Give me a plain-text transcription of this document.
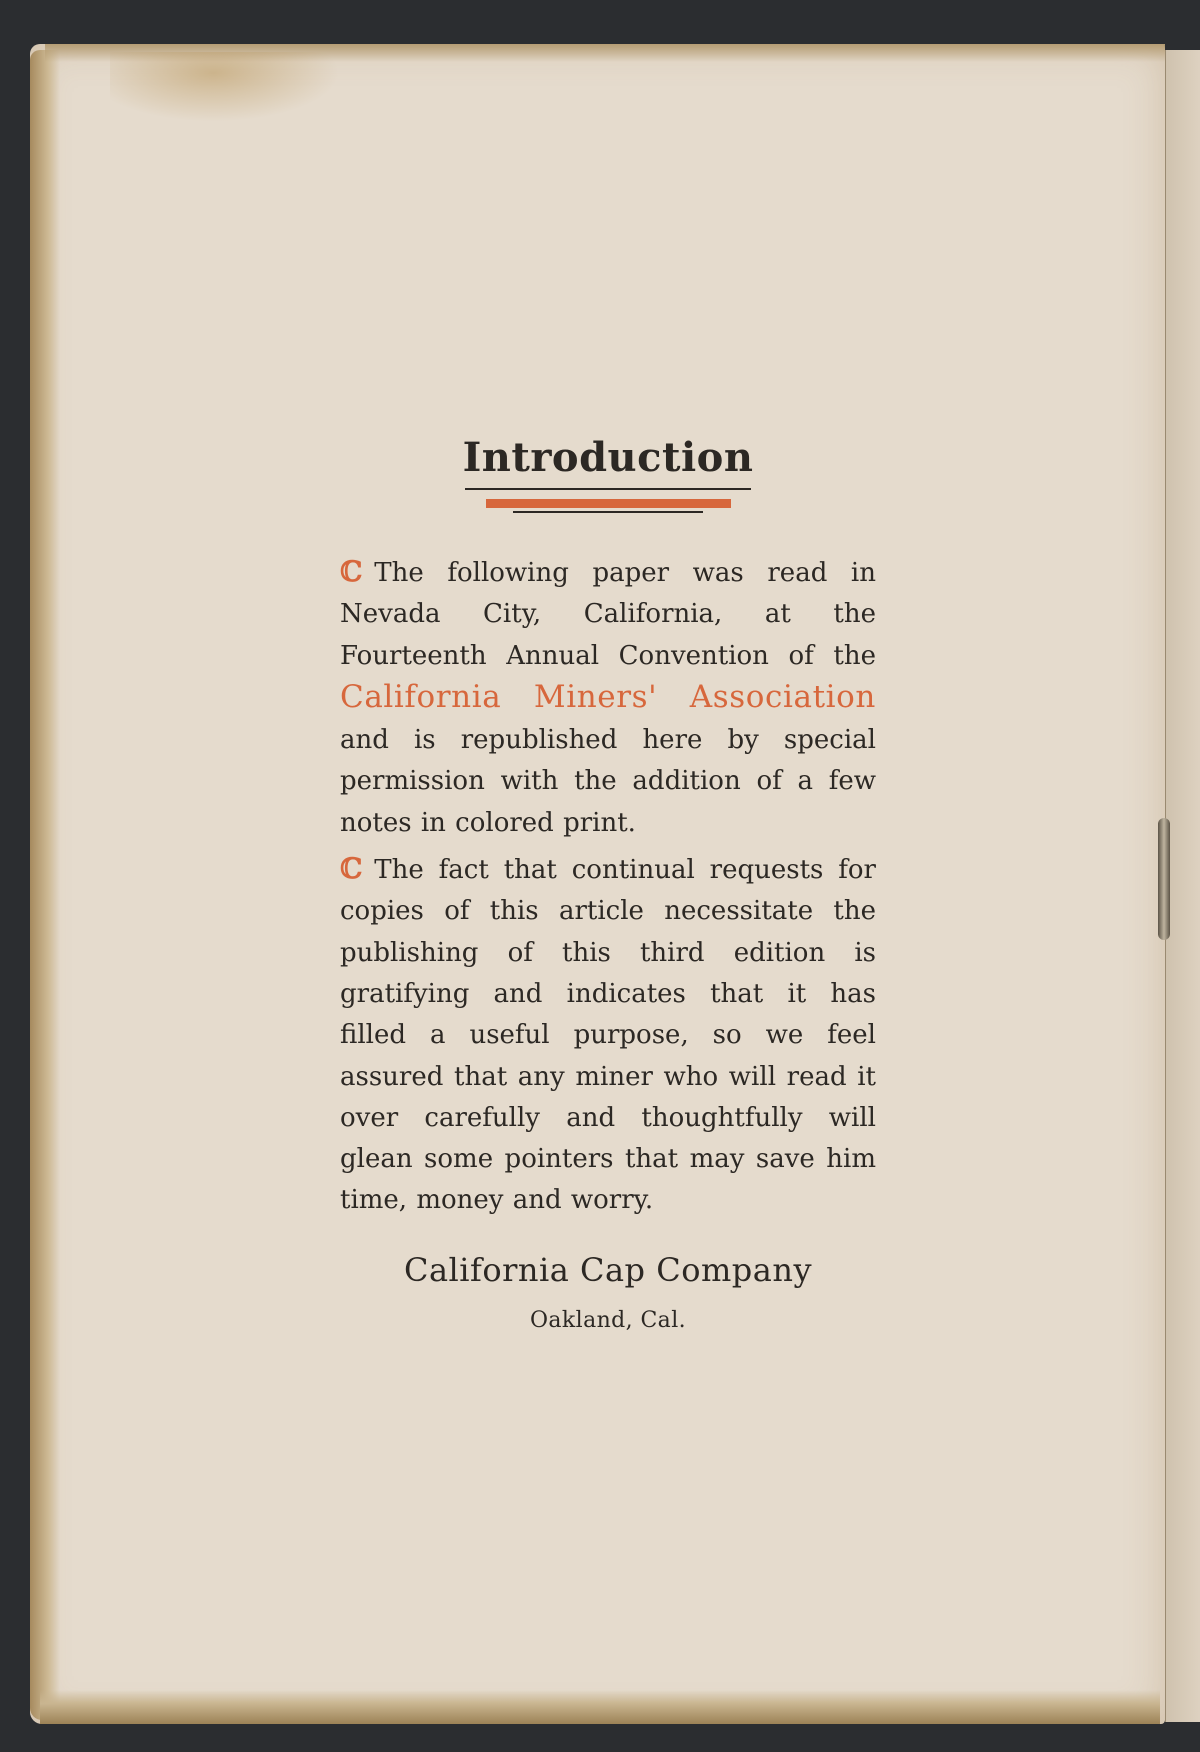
Introduction

ℂ The following paper was read in Nevada City, California, at the Fourteenth Annual Convention of the California Miners' Association and is republished here by special permission with the addition of a few notes in colored print.

ℂ The fact that continual requests for copies of this article necessitate the publishing of this third edition is gratifying and indicates that it has filled a useful purpose, so we feel assured that any miner who will read it over carefully and thoughtfully will glean some pointers that may save him time, money and worry.

California Cap Company

Oakland, Cal.
